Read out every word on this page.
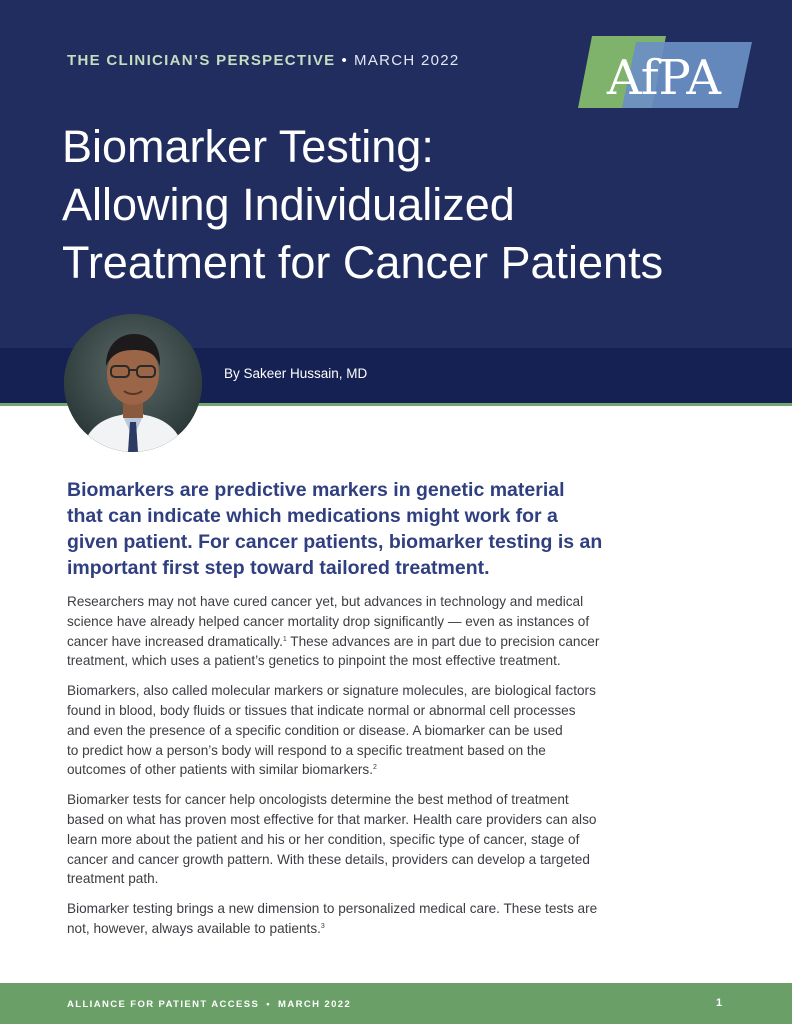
THE CLINICIAN’S PERSPECTIVE • MARCH 2022	AfPA
Biomarker Testing:
Allowing Individualized
Treatment for Cancer Patients
By Sakeer Hussain, MD

Biomarkers are predictive markers in genetic material
that can indicate which medications might work for a
given patient. For cancer patients, biomarker testing is an
important first step toward tailored treatment.

Researchers may not have cured cancer yet, but advances in technology and medical
science have already helped cancer mortality drop significantly — even as instances of
cancer have increased dramatically.$^1$ These advances are in part due to precision cancer
treatment, which uses a patient’s genetics to pinpoint the most effective treatment.

Biomarkers, also called molecular markers or signature molecules, are biological factors
found in blood, body fluids or tissues that indicate normal or abnormal cell processes
and even the presence of a specific condition or disease. A biomarker can be used
to predict how a person’s body will respond to a specific treatment based on the
outcomes of other patients with similar biomarkers.$^2$

Biomarker tests for cancer help oncologists determine the best method of treatment
based on what has proven most effective for that marker. Health care providers can also
learn more about the patient and his or her condition, specific type of cancer, stage of
cancer and cancer growth pattern. With these details, providers can develop a targeted
treatment path.

Biomarker testing brings a new dimension to personalized medical care. These tests are
not, however, always available to patients.$^3$

ALLIANCE FOR PATIENT ACCESS • MARCH 2022	1
